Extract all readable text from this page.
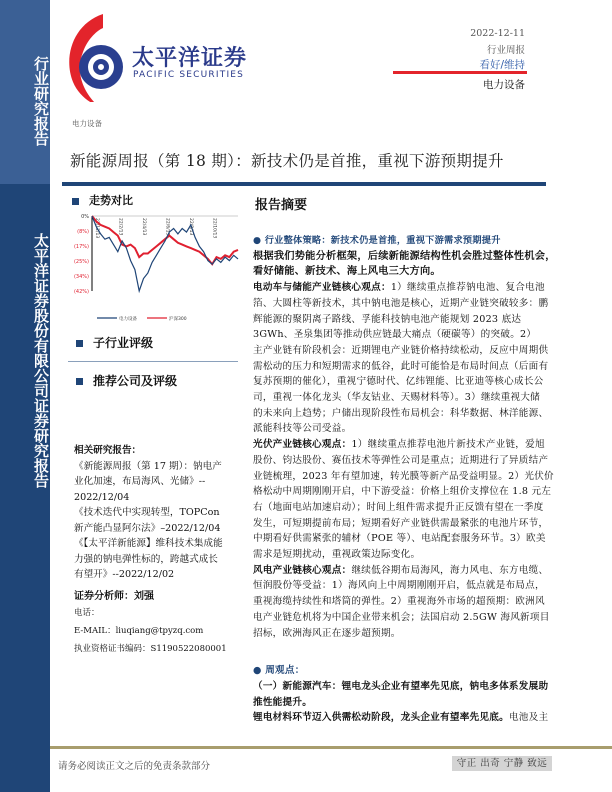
行业研究报告
太平洋证券股份有限公司证券研究报告
太平洋证券
PACIFIC SECURITIES
2022-12-11
行业周报
看好/维持
电力设备
电力设备
新能源周报（第 18 期）：新技术仍是首推，重视下游预期提升
走势对比
0%
(8%)
(17%)
(25%)
(34%)
(42%)
21/12/13	22/2/13	22/4/13	22/6/13	22/8/13	22/10/13
电力设备	沪深300
子行业评级
推荐公司及评级
相关研究报告：
《新能源周报（第 17 期）：钠电产
业化加速，布局海风、光储》--
2022/12/04
《技术迭代中实现转型，TOPCon
新产能凸显阿尔法》–2022/12/04
《【太平洋新能源】维科技术集成能
力强的钠电弹性标的，跨越式成长
有望开》--2022/12/02
证券分析师：刘强
电话：
E-MAIL：liuqiang@tpyzq.com
执业资格证书编码：S1190522080001
报告摘要
● 行业整体策略：新技术仍是首推，重视下游需求预期提升
根据我们势能分析框架，后续新能源结构性机会胜过整体性机会，
看好储能、新技术、海上风电三大方向。
电动车与储能产业链核心观点：1）继续重点推荐钠电池、复合电池
箔、大圆柱等新技术，其中钠电池是核心，近期产业链突破较多：鹏
辉能源的聚阴离子路线、孚能科技钠电池产能规划 2023 底达
3GWh、圣泉集团等推动供应链最大痛点（硬碳等）的突破。2）
主产业链有阶段机会：近期锂电产业链价格持续松动，反应中周期供
需松动的压力和短期需求的低谷，此时可能恰是布局时间点（后面有
复苏预期的催化），重视宁德时代、亿纬锂能、比亚迪等核心成长公
司，重视一体化龙头（华友钴业、天赐材料等）。3）继续重视大储
的未来向上趋势；户储出现阶段性布局机会：科华数据、林洋能源、
派能科技等公司受益。
光伏产业链核心观点：1）继续重点推荐电池片新技术产业链，爱旭
股份、钧达股份、赛伍技术等弹性公司是重点；近期进行了异质结产
业链梳理，2023 年有望加速，转光膜等新产品受益明显。2）光伏价
格松动中周期刚刚开启，中下游受益：价格上组价支撑位在 1.8 元左
右（地面电站加速启动）；时间上组件需求提升正反馈有望在一季度
发生，可短期提前布局；短期看好产业链供需最紧张的电池片环节，
中期看好供需紧张的辅材（POE 等）、电站配套服务环节。3）欧美
需求是短期扰动，重视政策边际变化。
风电产业链核心观点：继续低谷期布局海风，海力风电、东方电缆、
恒润股份等受益：1）海风向上中周期刚刚开启，低点就是布局点，
重视海缆持续性和塔筒的弹性。2）重视海外市场的超预期：欧洲风
电产业链危机将为中国企业带来机会；法国启动 2.5GW 海风新项目
招标，欧洲海风正在逐步超预期。
● 周观点：
（一）新能源汽车：锂电龙头企业有望率先见底，钠电多体系发展助
推性能提升。
锂电材料环节迈入供需松动阶段，龙头企业有望率先见底。电池及主
请务必阅读正文之后的免责条款部分	守正 出奇 宁静 致远
